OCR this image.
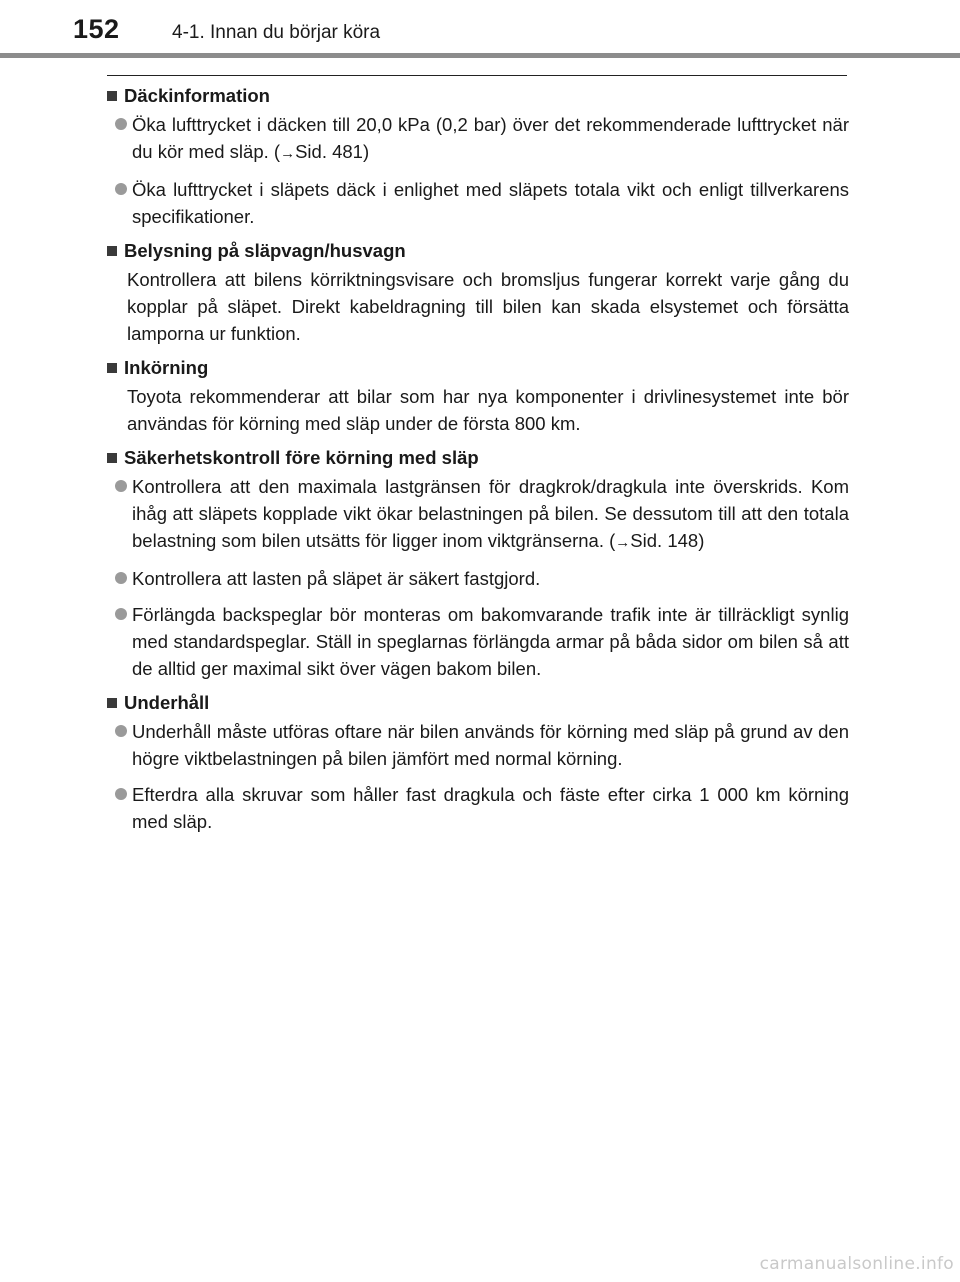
152	4-1. Innan du börjar köra
Däckinformation
Öka lufttrycket i däcken till 20,0 kPa (0,2 bar) över det rekommenderade lufttrycket när du kör med släp. (→Sid. 481)
Öka lufttrycket i släpets däck i enlighet med släpets totala vikt och enligt tillverkarens specifikationer.
Belysning på släpvagn/husvagn
Kontrollera att bilens körriktningsvisare och bromsljus fungerar korrekt varje gång du kopplar på släpet. Direkt kabeldragning till bilen kan skada elsystemet och försätta lamporna ur funktion.
Inkörning
Toyota rekommenderar att bilar som har nya komponenter i drivlinesystemet inte bör användas för körning med släp under de första 800 km.
Säkerhetskontroll före körning med släp
Kontrollera att den maximala lastgränsen för dragkrok/dragkula inte överskrids. Kom ihåg att släpets kopplade vikt ökar belastningen på bilen. Se dessutom till att den totala belastning som bilen utsätts för ligger inom viktgränserna. (→Sid. 148)
Kontrollera att lasten på släpet är säkert fastgjord.
Förlängda backspeglar bör monteras om bakomvarande trafik inte är tillräckligt synlig med standardspeglar. Ställ in speglarnas förlängda armar på båda sidor om bilen så att de alltid ger maximal sikt över vägen bakom bilen.
Underhåll
Underhåll måste utföras oftare när bilen används för körning med släp på grund av den högre viktbelastningen på bilen jämfört med normal körning.
Efterdra alla skruvar som håller fast dragkula och fäste efter cirka 1 000 km körning med släp.
carmanualsonline.info
